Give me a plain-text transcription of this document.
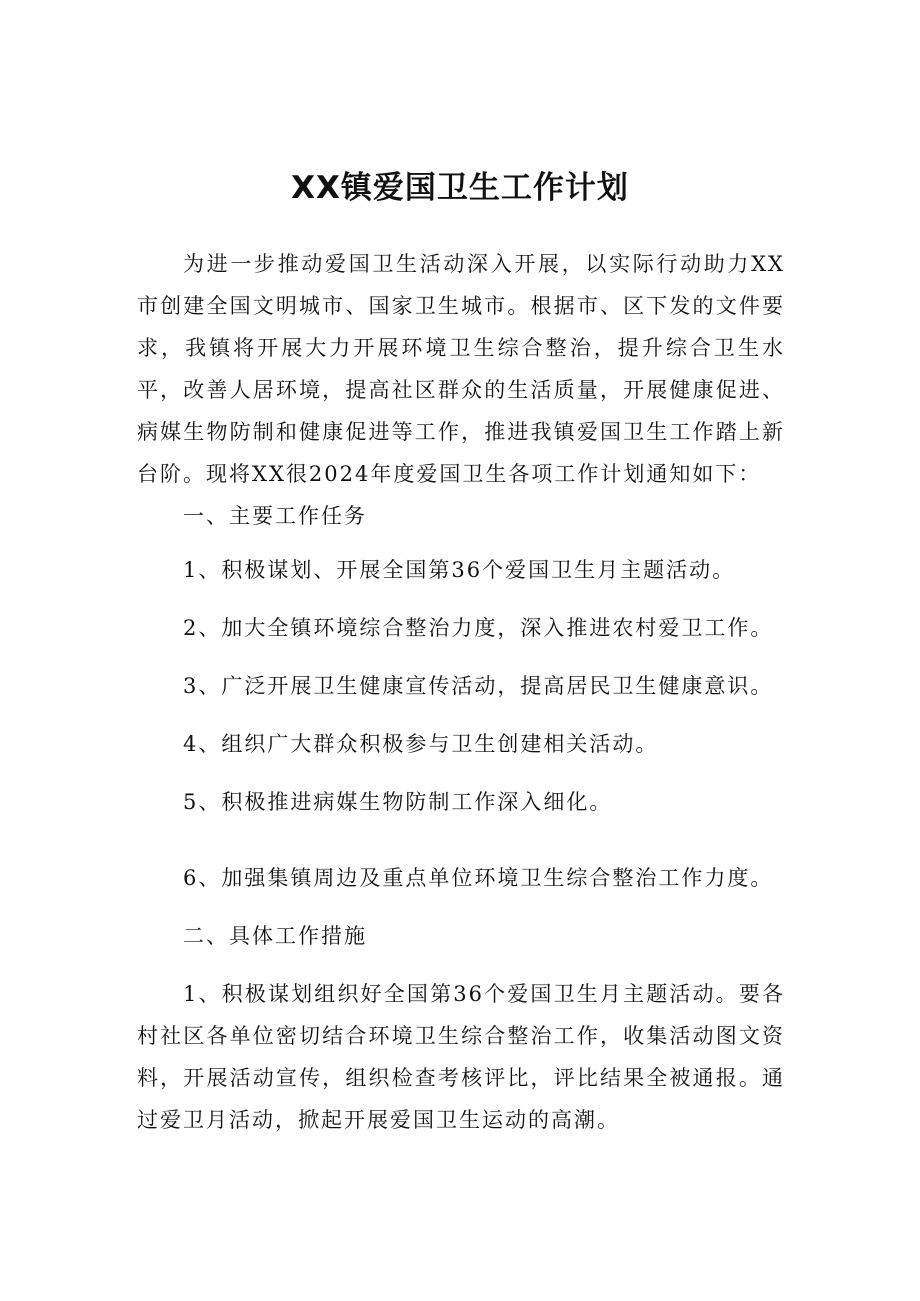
XX镇爱国卫生工作计划

为进一步推动爱国卫生活动深入开展，以实际行动助力XX市创建全国文明城市、国家卫生城市。根据市、区下发的文件要求，我镇将开展大力开展环境卫生综合整治，提升综合卫生水平，改善人居环境，提高社区群众的生活质量，开展健康促进、病媒生物防制和健康促进等工作，推进我镇爱国卫生工作踏上新台阶。现将XX很2024年度爱国卫生各项工作计划通知如下：

一、主要工作任务

1、积极谋划、开展全国第36个爱国卫生月主题活动。

2、加大全镇环境综合整治力度，深入推进农村爱卫工作。

3、广泛开展卫生健康宣传活动，提高居民卫生健康意识。

4、组织广大群众积极参与卫生创建相关活动。

5、积极推进病媒生物防制工作深入细化。

6、加强集镇周边及重点单位环境卫生综合整治工作力度。

二、具体工作措施

1、积极谋划组织好全国第36个爱国卫生月主题活动。要各村社区各单位密切结合环境卫生综合整治工作，收集活动图文资料，开展活动宣传，组织检查考核评比，评比结果全被通报。通过爱卫月活动，掀起开展爱国卫生运动的高潮。
